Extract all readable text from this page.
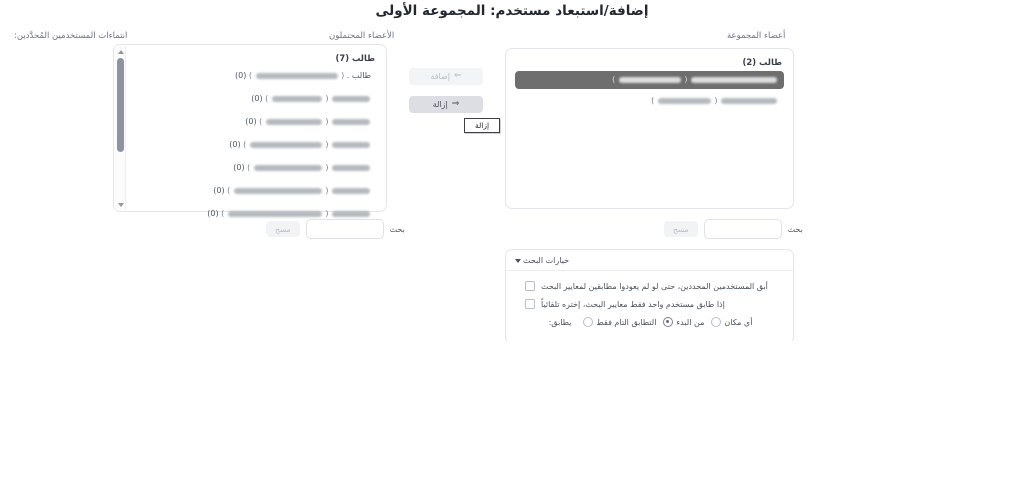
إضافة/استبعاد مستخدم: المجموعة الأولى
أعضاء المجموعة
الأعضاء المحتملون
انتماءات المستخدمين المُحدَّدين:
طالب (2)
(  )
(  )
طالب (7)
طالب . (  ) (0)
(  ) (0)
(  ) (0)
(  ) (0)
(  ) (0)
(  ) (0)
(  ) (0)
⇐
إضافة
⇒
إزالة
إزالة
بحث
مسح
بحث
مسح
خيارات البحث
أبق المستخدمين المحددين، حتى لو لم يعودوا مطابقين لمعايير البحث
إذا طابق مستخدم واحد فقط معايير البحث، إختره تلقائياً
يطابق:	التطابق التام فقط	من البدء	أي مكان
